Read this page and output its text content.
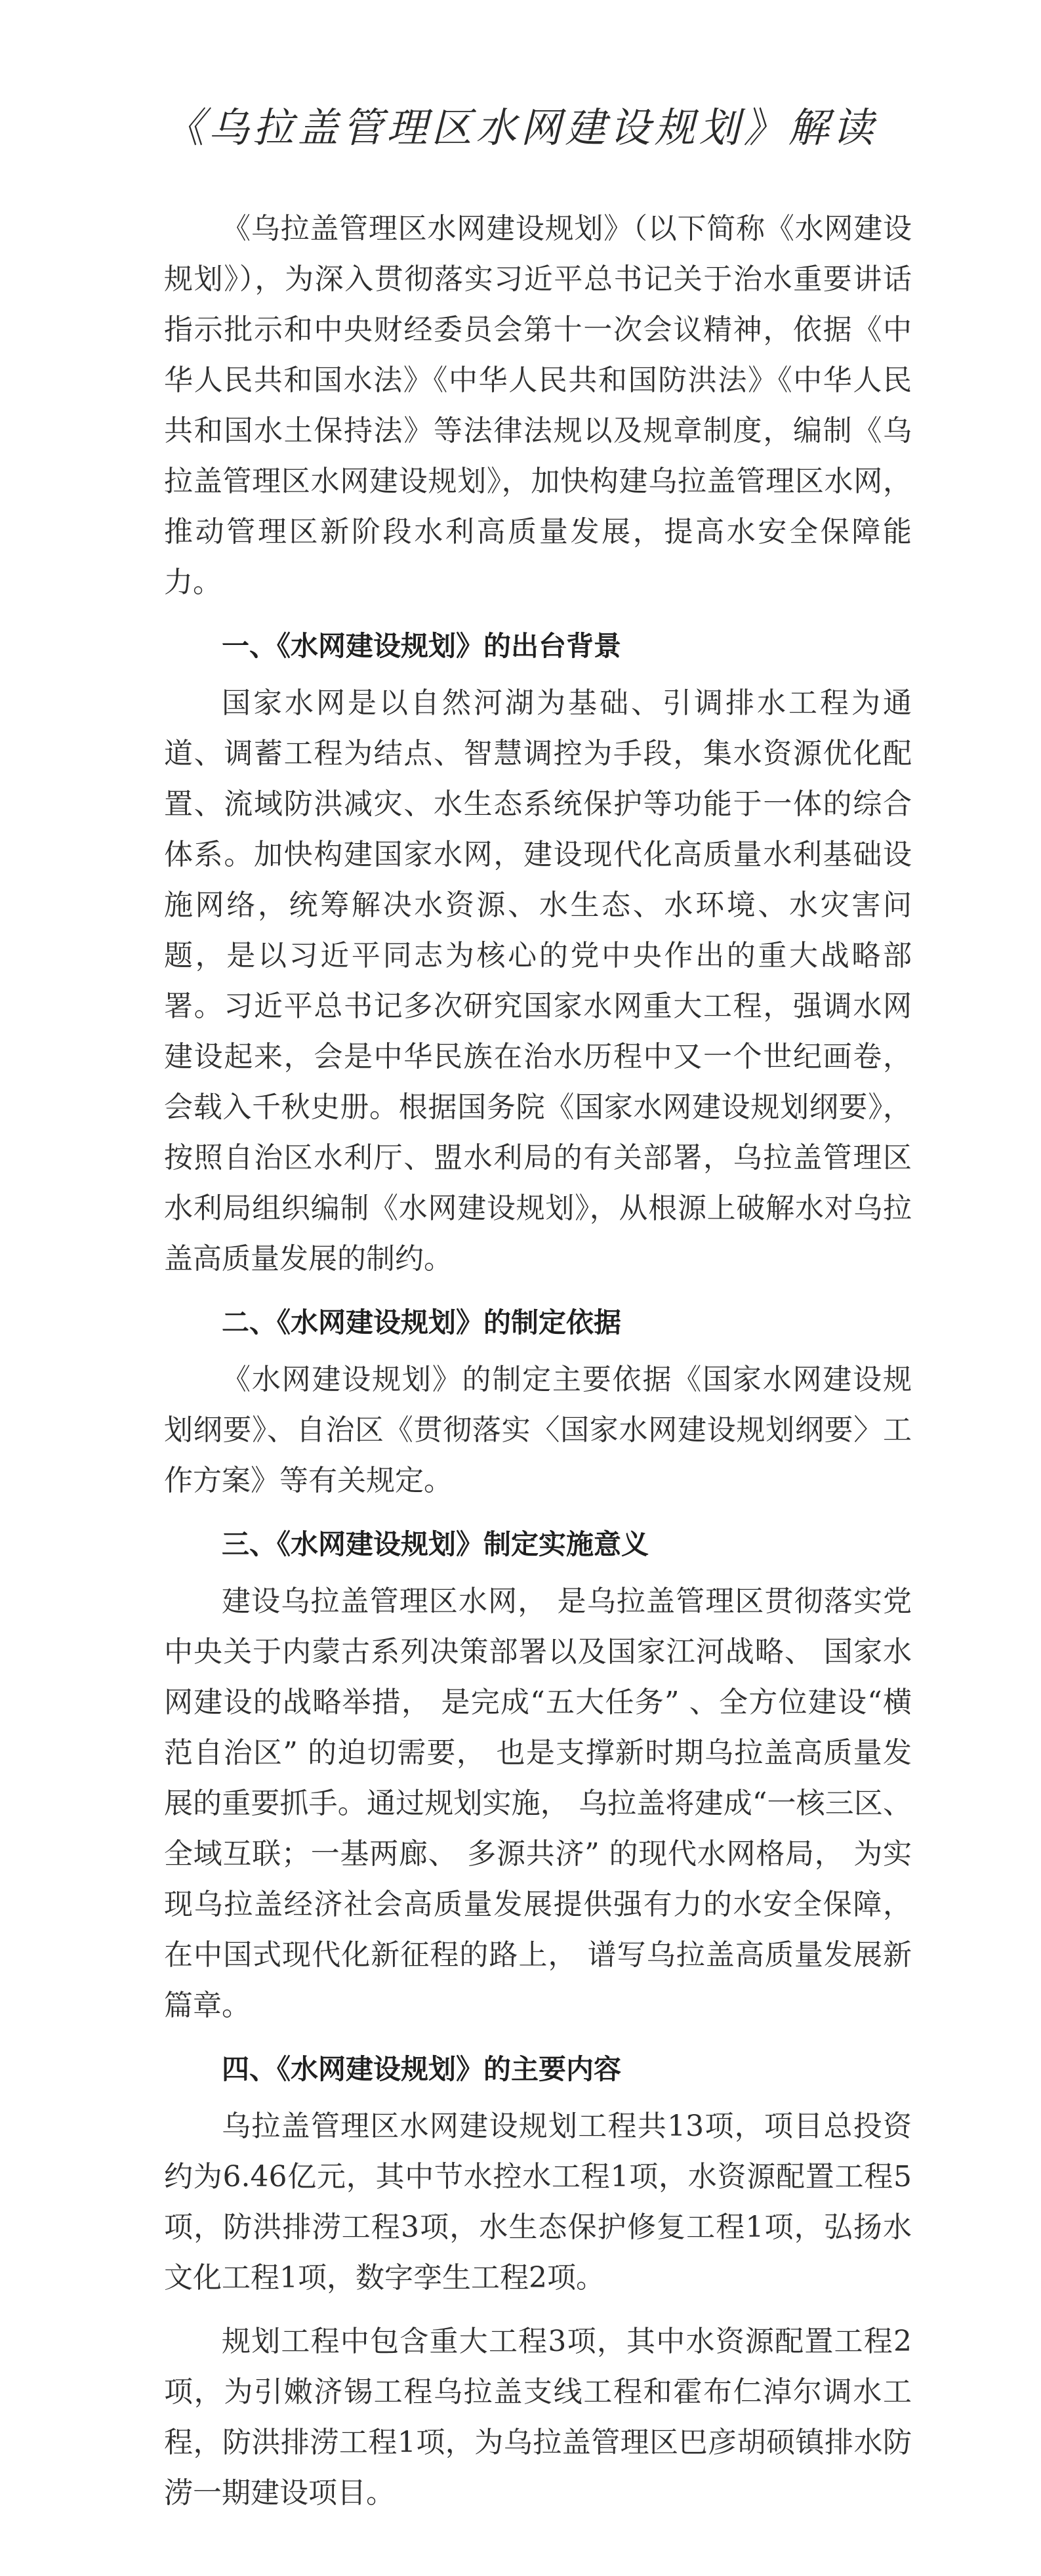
《乌拉盖管理区水网建设规划》解读

《乌拉盖管理区水网建设规划》（以下简称《水网建设规划》），为深入贯彻落实习近平总书记关于治水重要讲话指示批示和中央财经委员会第十一次会议精神，依据《中华人民共和国水法》《中华人民共和国防洪法》《中华人民共和国水土保持法》等法律法规以及规章制度，编制《乌拉盖管理区水网建设规划》，加快构建乌拉盖管理区水网，推动管理区新阶段水利高质量发展，提高水安全保障能力。

一、《水网建设规划》的出台背景

国家水网是以自然河湖为基础、引调排水工程为通道、调蓄工程为结点、智慧调控为手段，集水资源优化配置、流域防洪减灾、水生态系统保护等功能于一体的综合体系。加快构建国家水网，建设现代化高质量水利基础设施网络，统筹解决水资源、水生态、水环境、水灾害问题，是以习近平同志为核心的党中央作出的重大战略部署。习近平总书记多次研究国家水网重大工程，强调水网建设起来，会是中华民族在治水历程中又一个世纪画卷，会载入千秋史册。根据国务院《国家水网建设规划纲要》，按照自治区水利厅、盟水利局的有关部署，乌拉盖管理区水利局组织编制《水网建设规划》，从根源上破解水对乌拉盖高质量发展的制约。

二、《水网建设规划》的制定依据

《水网建设规划》的制定主要依据《国家水网建设规划纲要》、自治区《贯彻落实〈国家水网建设规划纲要〉工作方案》等有关规定。

三、《水网建设规划》制定实施意义

建设乌拉盖管理区水网， 是乌拉盖管理区贯彻落实党中央关于内蒙古系列决策部署以及国家江河战略、 国家水网建设的战略举措， 是完成“五大任务” 、全方位建设“横范自治区” 的迫切需要， 也是支撑新时期乌拉盖高质量发展的重要抓手。通过规划实施， 乌拉盖将建成“一核三区、 全域互联；一基两廊、 多源共济” 的现代水网格局， 为实现乌拉盖经济社会高质量发展提供强有力的水安全保障， 在中国式现代化新征程的路上， 谱写乌拉盖高质量发展新篇章。

四、《水网建设规划》的主要内容

乌拉盖管理区水网建设规划工程共13项，项目总投资约为6.46亿元，其中节水控水工程1项，水资源配置工程5项，防洪排涝工程3项，水生态保护修复工程1项，弘扬水文化工程1项，数字孪生工程2项。

规划工程中包含重大工程3项，其中水资源配置工程2项，为引嫩济锡工程乌拉盖支线工程和霍布仁淖尔调水工程，防洪排涝工程1项，为乌拉盖管理区巴彦胡硕镇排水防涝一期建设项目。
